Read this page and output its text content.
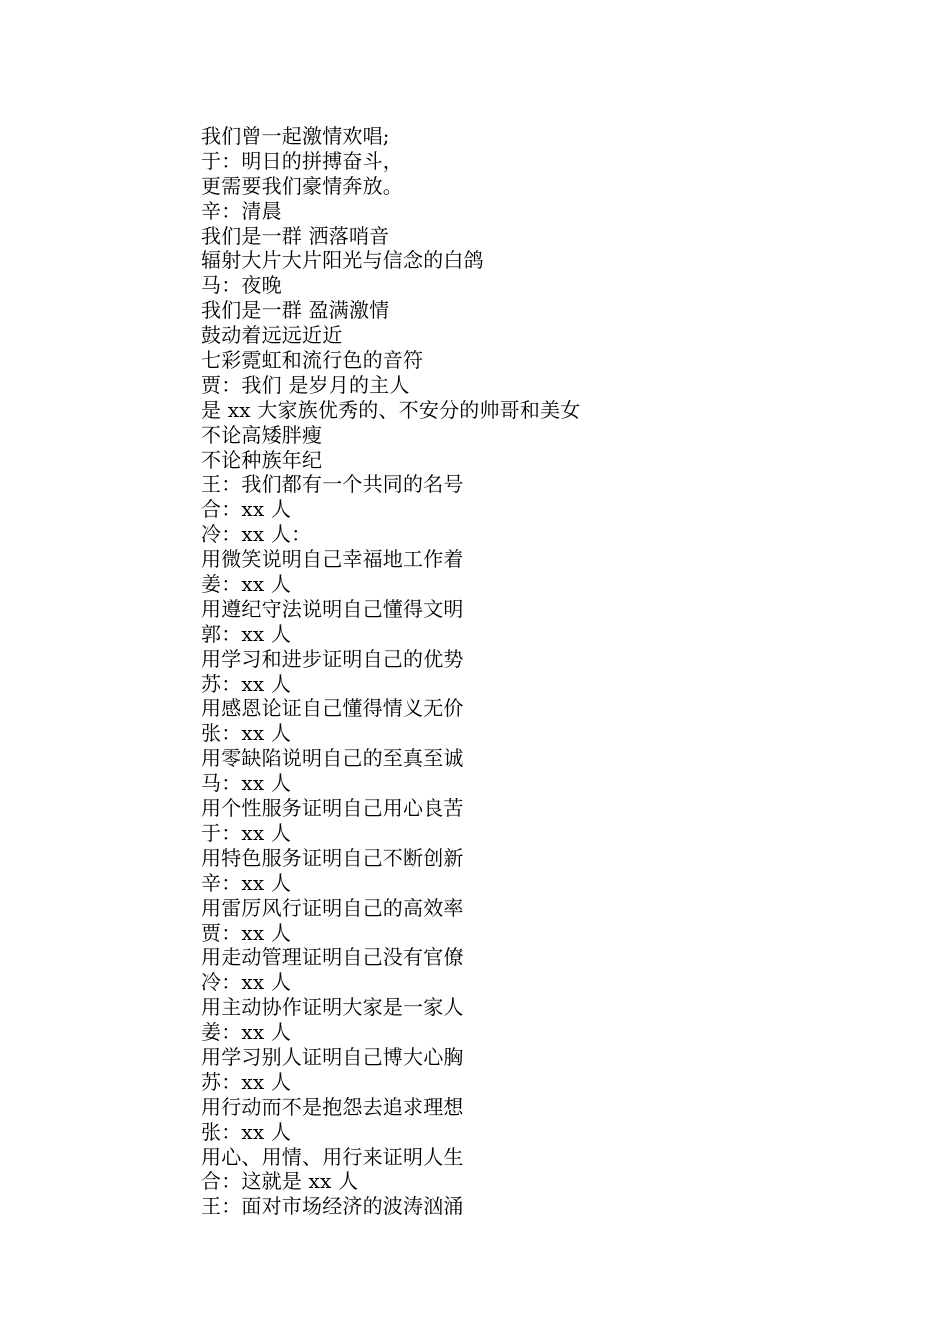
我们曾一起激情欢唱;
于：明日的拼搏奋斗，
更需要我们豪情奔放。
辛：清晨
我们是一群 洒落哨音
辐射大片大片阳光与信念的白鸽
马：夜晚
我们是一群 盈满激情
鼓动着远远近近
七彩霓虹和流行色的音符
贾：我们 是岁月的主人
是 xx 大家族优秀的、不安分的帅哥和美女
不论高矮胖瘦
不论种族年纪
王：我们都有一个共同的名号
合：xx 人
冷：xx 人：
用微笑说明自己幸福地工作着
姜：xx 人
用遵纪守法说明自己懂得文明
郭：xx 人
用学习和进步证明自己的优势
苏：xx 人
用感恩论证自己懂得情义无价
张：xx 人
用零缺陷说明自己的至真至诚
马：xx 人
用个性服务证明自己用心良苦
于：xx 人
用特色服务证明自己不断创新
辛：xx 人
用雷厉风行证明自己的高效率
贾：xx 人
用走动管理证明自己没有官僚
冷：xx 人
用主动协作证明大家是一家人
姜：xx 人
用学习别人证明自己博大心胸
苏：xx 人
用行动而不是抱怨去追求理想
张：xx 人
用心、用情、用行来证明人生
合：这就是 xx 人
王：面对市场经济的波涛汹涌
